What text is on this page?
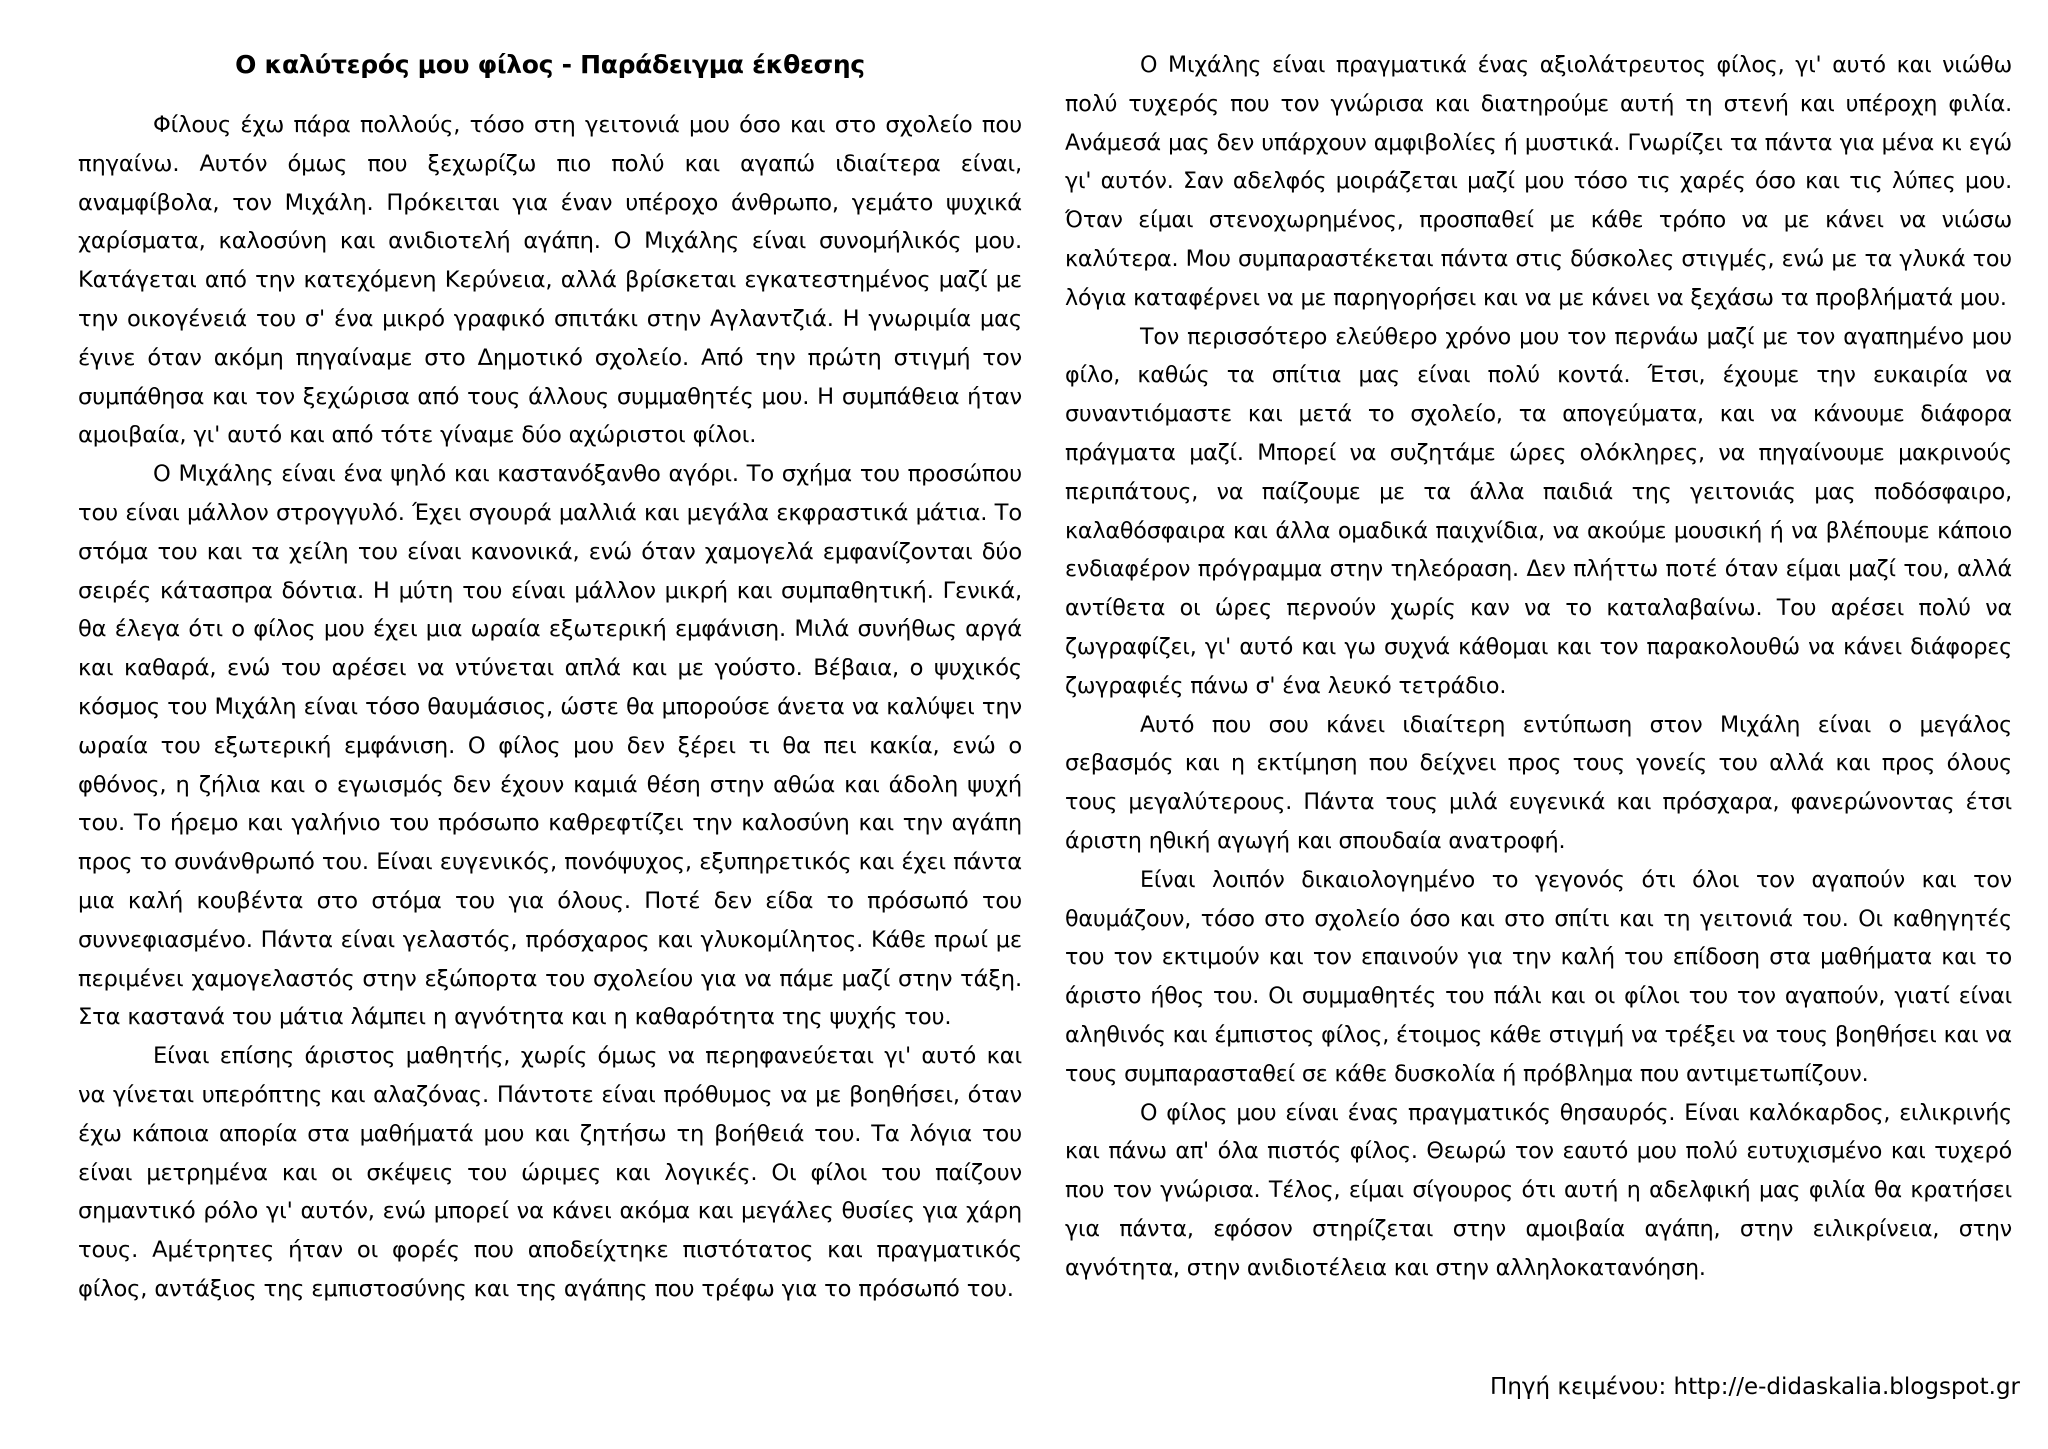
Ο καλύτερός μου φίλος - Παράδειγμα έκθεσης

Φίλους έχω πάρα πολλούς, τόσο στη γειτονιά μου όσο και στο σχολείο που πηγαίνω. Αυτόν όμως που ξεχωρίζω πιο πολύ και αγαπώ ιδιαίτερα είναι, αναμφίβολα, τον Μιχάλη. Πρόκειται για έναν υπέροχο άνθρωπο, γεμάτο ψυχικά χαρίσματα, καλοσύνη και ανιδιοτελή αγάπη. Ο Μιχάλης είναι συνομήλικός μου. Κατάγεται από την κατεχόμενη Κερύνεια, αλλά βρίσκεται εγκατεστημένος μαζί με την οικογένειά του σ' ένα μικρό γραφικό σπιτάκι στην Αγλαντζιά. Η γνωριμία μας έγινε όταν ακόμη πηγαίναμε στο Δημοτικό σχολείο. Από την πρώτη στιγμή τον συμπάθησα και τον ξεχώρισα από τους άλλους συμμαθητές μου. Η συμπάθεια ήταν αμοιβαία, γι' αυτό και από τότε γίναμε δύο αχώριστοι φίλοι.

Ο Μιχάλης είναι ένα ψηλό και καστανόξανθο αγόρι. Το σχήμα του προσώπου του είναι μάλλον στρογγυλό. Έχει σγουρά μαλλιά και μεγάλα εκφραστικά μάτια. Το στόμα του και τα χείλη του είναι κανονικά, ενώ όταν χαμογελά εμφανίζονται δύο σειρές κάτασπρα δόντια. Η μύτη του είναι μάλλον μικρή και συμπαθητική. Γενικά, θα έλεγα ότι ο φίλος μου έχει μια ωραία εξωτερική εμφάνιση. Μιλά συνήθως αργά και καθαρά, ενώ του αρέσει να ντύνεται απλά και με γούστο. Βέβαια, ο ψυχικός κόσμος του Μιχάλη είναι τόσο θαυμάσιος, ώστε θα μπορούσε άνετα να καλύψει την ωραία του εξωτερική εμφάνιση. Ο φίλος μου δεν ξέρει τι θα πει κακία, ενώ ο φθόνος, η ζήλια και ο εγωισμός δεν έχουν καμιά θέση στην αθώα και άδολη ψυχή του. Το ήρεμο και γαλήνιο του πρόσωπο καθρεφτίζει την καλοσύνη και την αγάπη προς το συνάνθρωπό του. Είναι ευγενικός, πονόψυχος, εξυπηρετικός και έχει πάντα μια καλή κουβέντα στο στόμα του για όλους. Ποτέ δεν είδα το πρόσωπό του συννεφιασμένο. Πάντα είναι γελαστός, πρόσχαρος και γλυκομίλητος. Κάθε πρωί με περιμένει χαμογελαστός στην εξώπορτα του σχολείου για να πάμε μαζί στην τάξη. Στα καστανά του μάτια λάμπει η αγνότητα και η καθαρότητα της ψυχής του.

Είναι επίσης άριστος μαθητής, χωρίς όμως να περηφανεύεται γι' αυτό και να γίνεται υπερόπτης και αλαζόνας. Πάντοτε είναι πρόθυμος να με βοηθήσει, όταν έχω κάποια απορία στα μαθήματά μου και ζητήσω τη βοήθειά του. Τα λόγια του είναι μετρημένα και οι σκέψεις του ώριμες και λογικές. Οι φίλοι του παίζουν σημαντικό ρόλο γι' αυτόν, ενώ μπορεί να κάνει ακόμα και μεγάλες θυσίες για χάρη τους. Αμέτρητες ήταν οι φορές που αποδείχτηκε πιστότατος και πραγματικός φίλος, αντάξιος της εμπιστοσύνης και της αγάπης που τρέφω για το πρόσωπό του.

Ο Μιχάλης είναι πραγματικά ένας αξιολάτρευτος φίλος, γι' αυτό και νιώθω πολύ τυχερός που τον γνώρισα και διατηρούμε αυτή τη στενή και υπέροχη φιλία. Ανάμεσά μας δεν υπάρχουν αμφιβολίες ή μυστικά. Γνωρίζει τα πάντα για μένα κι εγώ γι' αυτόν. Σαν αδελφός μοιράζεται μαζί μου τόσο τις χαρές όσο και τις λύπες μου. Όταν είμαι στενοχωρημένος, προσπαθεί με κάθε τρόπο να με κάνει να νιώσω καλύτερα. Μου συμπαραστέκεται πάντα στις δύσκολες στιγμές, ενώ με τα γλυκά του λόγια καταφέρνει να με παρηγορήσει και να με κάνει να ξεχάσω τα προβλήματά μου.

Τον περισσότερο ελεύθερο χρόνο μου τον περνάω μαζί με τον αγαπημένο μου φίλο, καθώς τα σπίτια μας είναι πολύ κοντά. Έτσι, έχουμε την ευκαιρία να συναντιόμαστε και μετά το σχολείο, τα απογεύματα, και να κάνουμε διάφορα πράγματα μαζί. Μπορεί να συζητάμε ώρες ολόκληρες, να πηγαίνουμε μακρινούς περιπάτους, να παίζουμε με τα άλλα παιδιά της γειτονιάς μας ποδόσφαιρο, καλαθόσφαιρα και άλλα ομαδικά παιχνίδια, να ακούμε μουσική ή να βλέπουμε κάποιο ενδιαφέρον πρόγραμμα στην τηλεόραση. Δεν πλήττω ποτέ όταν είμαι μαζί του, αλλά αντίθετα οι ώρες περνούν χωρίς καν να το καταλαβαίνω. Του αρέσει πολύ να ζωγραφίζει, γι' αυτό και γω συχνά κάθομαι και τον παρακολουθώ να κάνει διάφορες ζωγραφιές πάνω σ' ένα λευκό τετράδιο.

Αυτό που σου κάνει ιδιαίτερη εντύπωση στον Μιχάλη είναι ο μεγάλος σεβασμός και η εκτίμηση που δείχνει προς τους γονείς του αλλά και προς όλους τους μεγαλύτερους. Πάντα τους μιλά ευγενικά και πρόσχαρα, φανερώνοντας έτσι άριστη ηθική αγωγή και σπουδαία ανατροφή.

Είναι λοιπόν δικαιολογημένο το γεγονός ότι όλοι τον αγαπούν και τον θαυμάζουν, τόσο στο σχολείο όσο και στο σπίτι και τη γειτονιά του. Οι καθηγητές του τον εκτιμούν και τον επαινούν για την καλή του επίδοση στα μαθήματα και το άριστο ήθος του. Οι συμμαθητές του πάλι και οι φίλοι του τον αγαπούν, γιατί είναι αληθινός και έμπιστος φίλος, έτοιμος κάθε στιγμή να τρέξει να τους βοηθήσει και να τους συμπαρασταθεί σε κάθε δυσκολία ή πρόβλημα που αντιμετωπίζουν.

Ο φίλος μου είναι ένας πραγματικός θησαυρός. Είναι καλόκαρδος, ειλικρινής και πάνω απ' όλα πιστός φίλος. Θεωρώ τον εαυτό μου πολύ ευτυχισμένο και τυχερό που τον γνώρισα. Τέλος, είμαι σίγουρος ότι αυτή η αδελφική μας φιλία θα κρατήσει για πάντα, εφόσον στηρίζεται στην αμοιβαία αγάπη, στην ειλικρίνεια, στην αγνότητα, στην ανιδιοτέλεια και στην αλληλοκατανόηση.

Πηγή κειμένου: http://e-didaskalia.blogspot.gr
